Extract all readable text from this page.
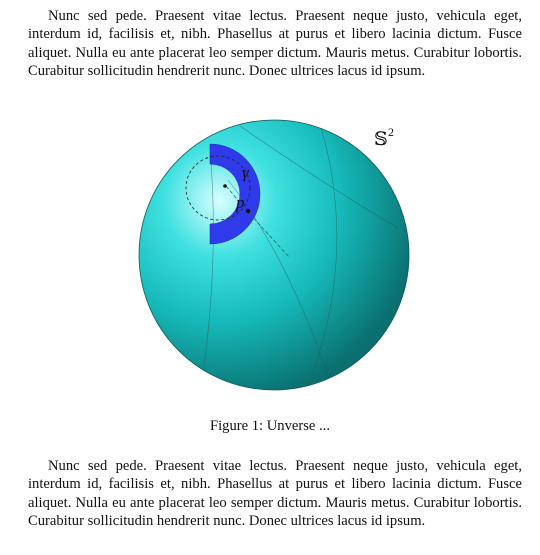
Nunc sed pede. Praesent vitae lectus. Praesent neque justo, vehicula eget, interdum id, facilisis et, nibh. Phasellus at purus et libero lacinia dictum. Fusce aliquet. Nulla eu ante placerat leo semper dictum. Mauris metus. Curabitur lobortis. Curabitur sollicitudin hendrerit nunc. Donec ultrices lacus id ipsum.

γ
p
𝕊 2
Figure 1: Unverse ...

Nunc sed pede. Praesent vitae lectus. Praesent neque justo, vehicula eget, interdum id, facilisis et, nibh. Phasellus at purus et libero lacinia dictum. Fusce aliquet. Nulla eu ante placerat leo semper dictum. Mauris metus. Curabitur lobortis. Curabitur sollicitudin hendrerit nunc. Donec ultrices lacus id ipsum.
